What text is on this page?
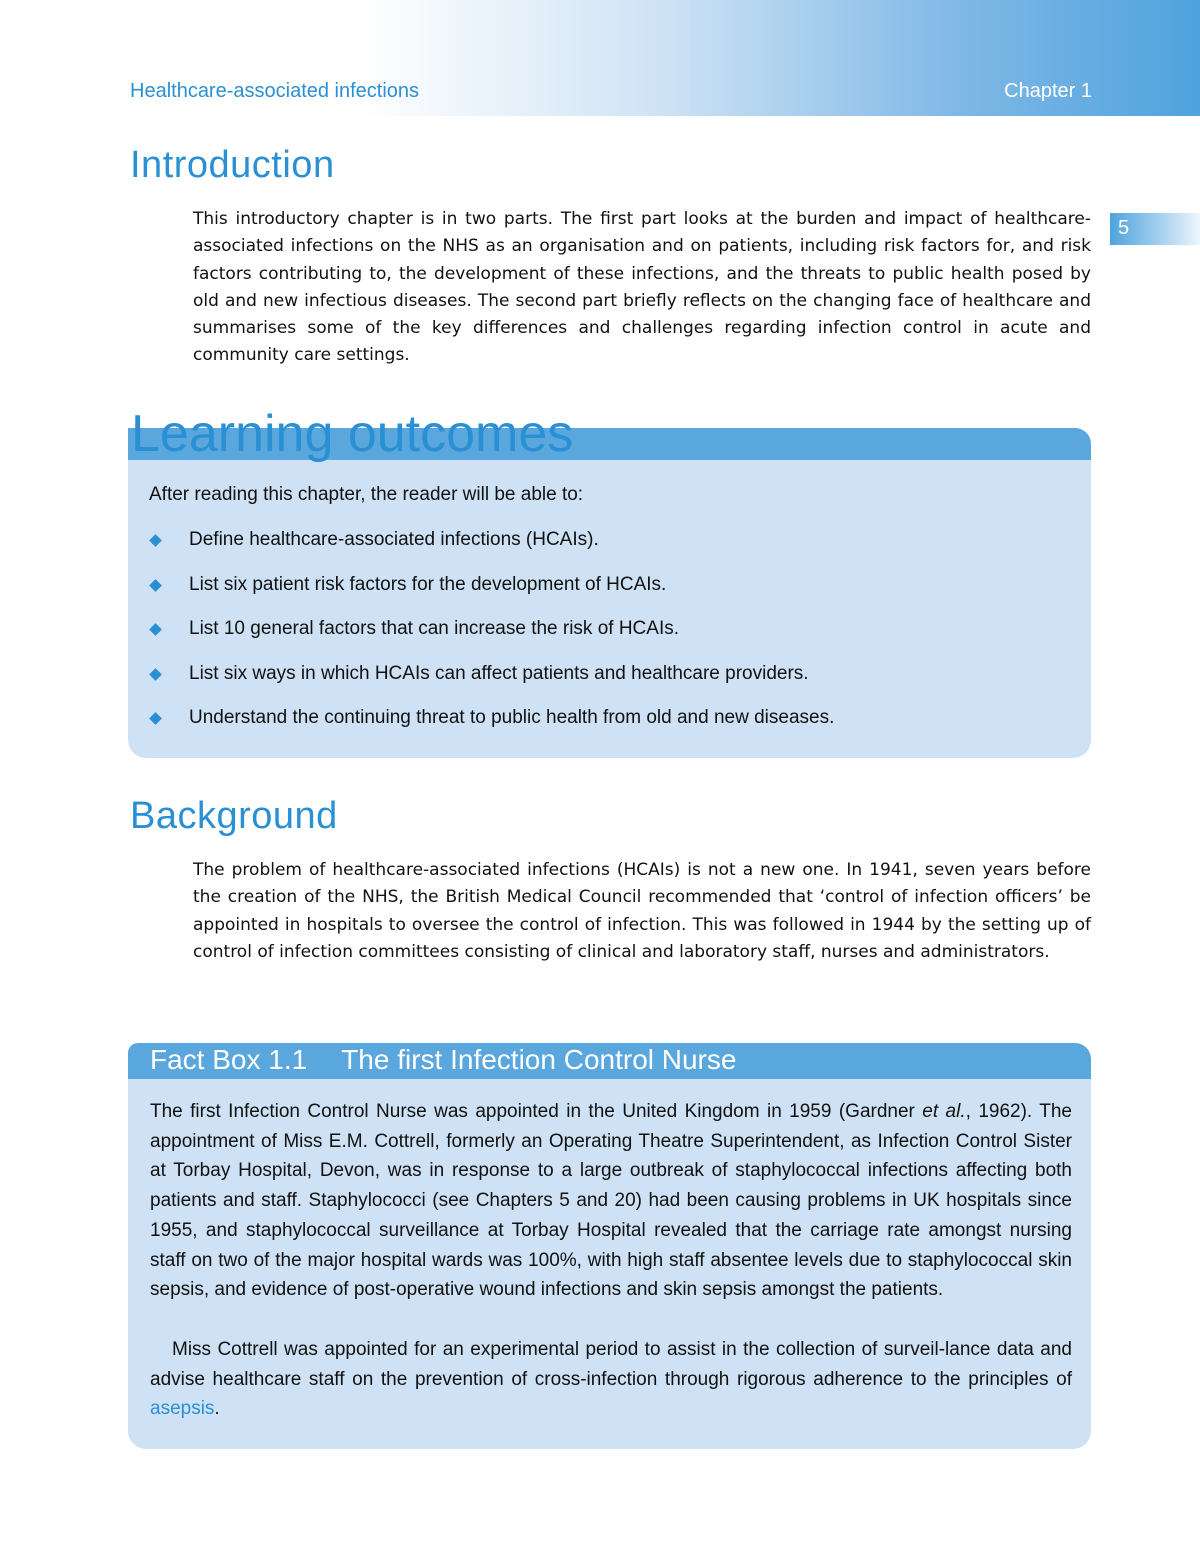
Healthcare-associated infections	Chapter 1
5
Introduction

This introductory chapter is in two parts. The first part looks at the burden and impact of healthcare-associated infections on the NHS as an organisation and on patients, including risk factors for, and risk factors contributing to, the development of these infections, and the threats to public health posed by old and new infectious diseases. The second part briefly reflects on the changing face of healthcare and summarises some of the key differences and challenges regarding infection control in acute and community care settings.

Learning outcomes
After reading this chapter, the reader will be able to:
Define healthcare-associated infections (HCAIs).
List six patient risk factors for the development of HCAIs.
List 10 general factors that can increase the risk of HCAIs.
List six ways in which HCAIs can affect patients and healthcare providers.
Understand the continuing threat to public health from old and new diseases.
Background

The problem of healthcare-associated infections (HCAIs) is not a new one. In 1941, seven years before the creation of the NHS, the British Medical Council recommended that ‘control of infection officers’ be appointed in hospitals to oversee the control of infection. This was followed in 1944 by the setting up of control of infection committees consisting of clinical and laboratory staff, nurses and administrators.

Fact Box 1.1 The first Infection Control Nurse

The first Infection Control Nurse was appointed in the United Kingdom in 1959 (Gardner et al., 1962). The appointment of Miss E.M. Cottrell, formerly an Operating Theatre Superintendent, as Infection Control Sister at Torbay Hospital, Devon, was in response to a large outbreak of staphylococcal infections affecting both patients and staff. Staphylococci (see Chapters 5 and 20) had been causing problems in UK hospitals since 1955, and staphylococcal surveillance at Torbay Hospital revealed that the carriage rate amongst nursing staff on two of the major hospital wards was 100%, with high staff absentee levels due to staphylococcal skin sepsis, and evidence of post-operative wound infections and skin sepsis amongst the patients.

Miss Cottrell was appointed for an experimental period to assist in the collection of surveil-lance data and advise healthcare staff on the prevention of cross-infection through rigorous adherence to the principles of asepsis.
